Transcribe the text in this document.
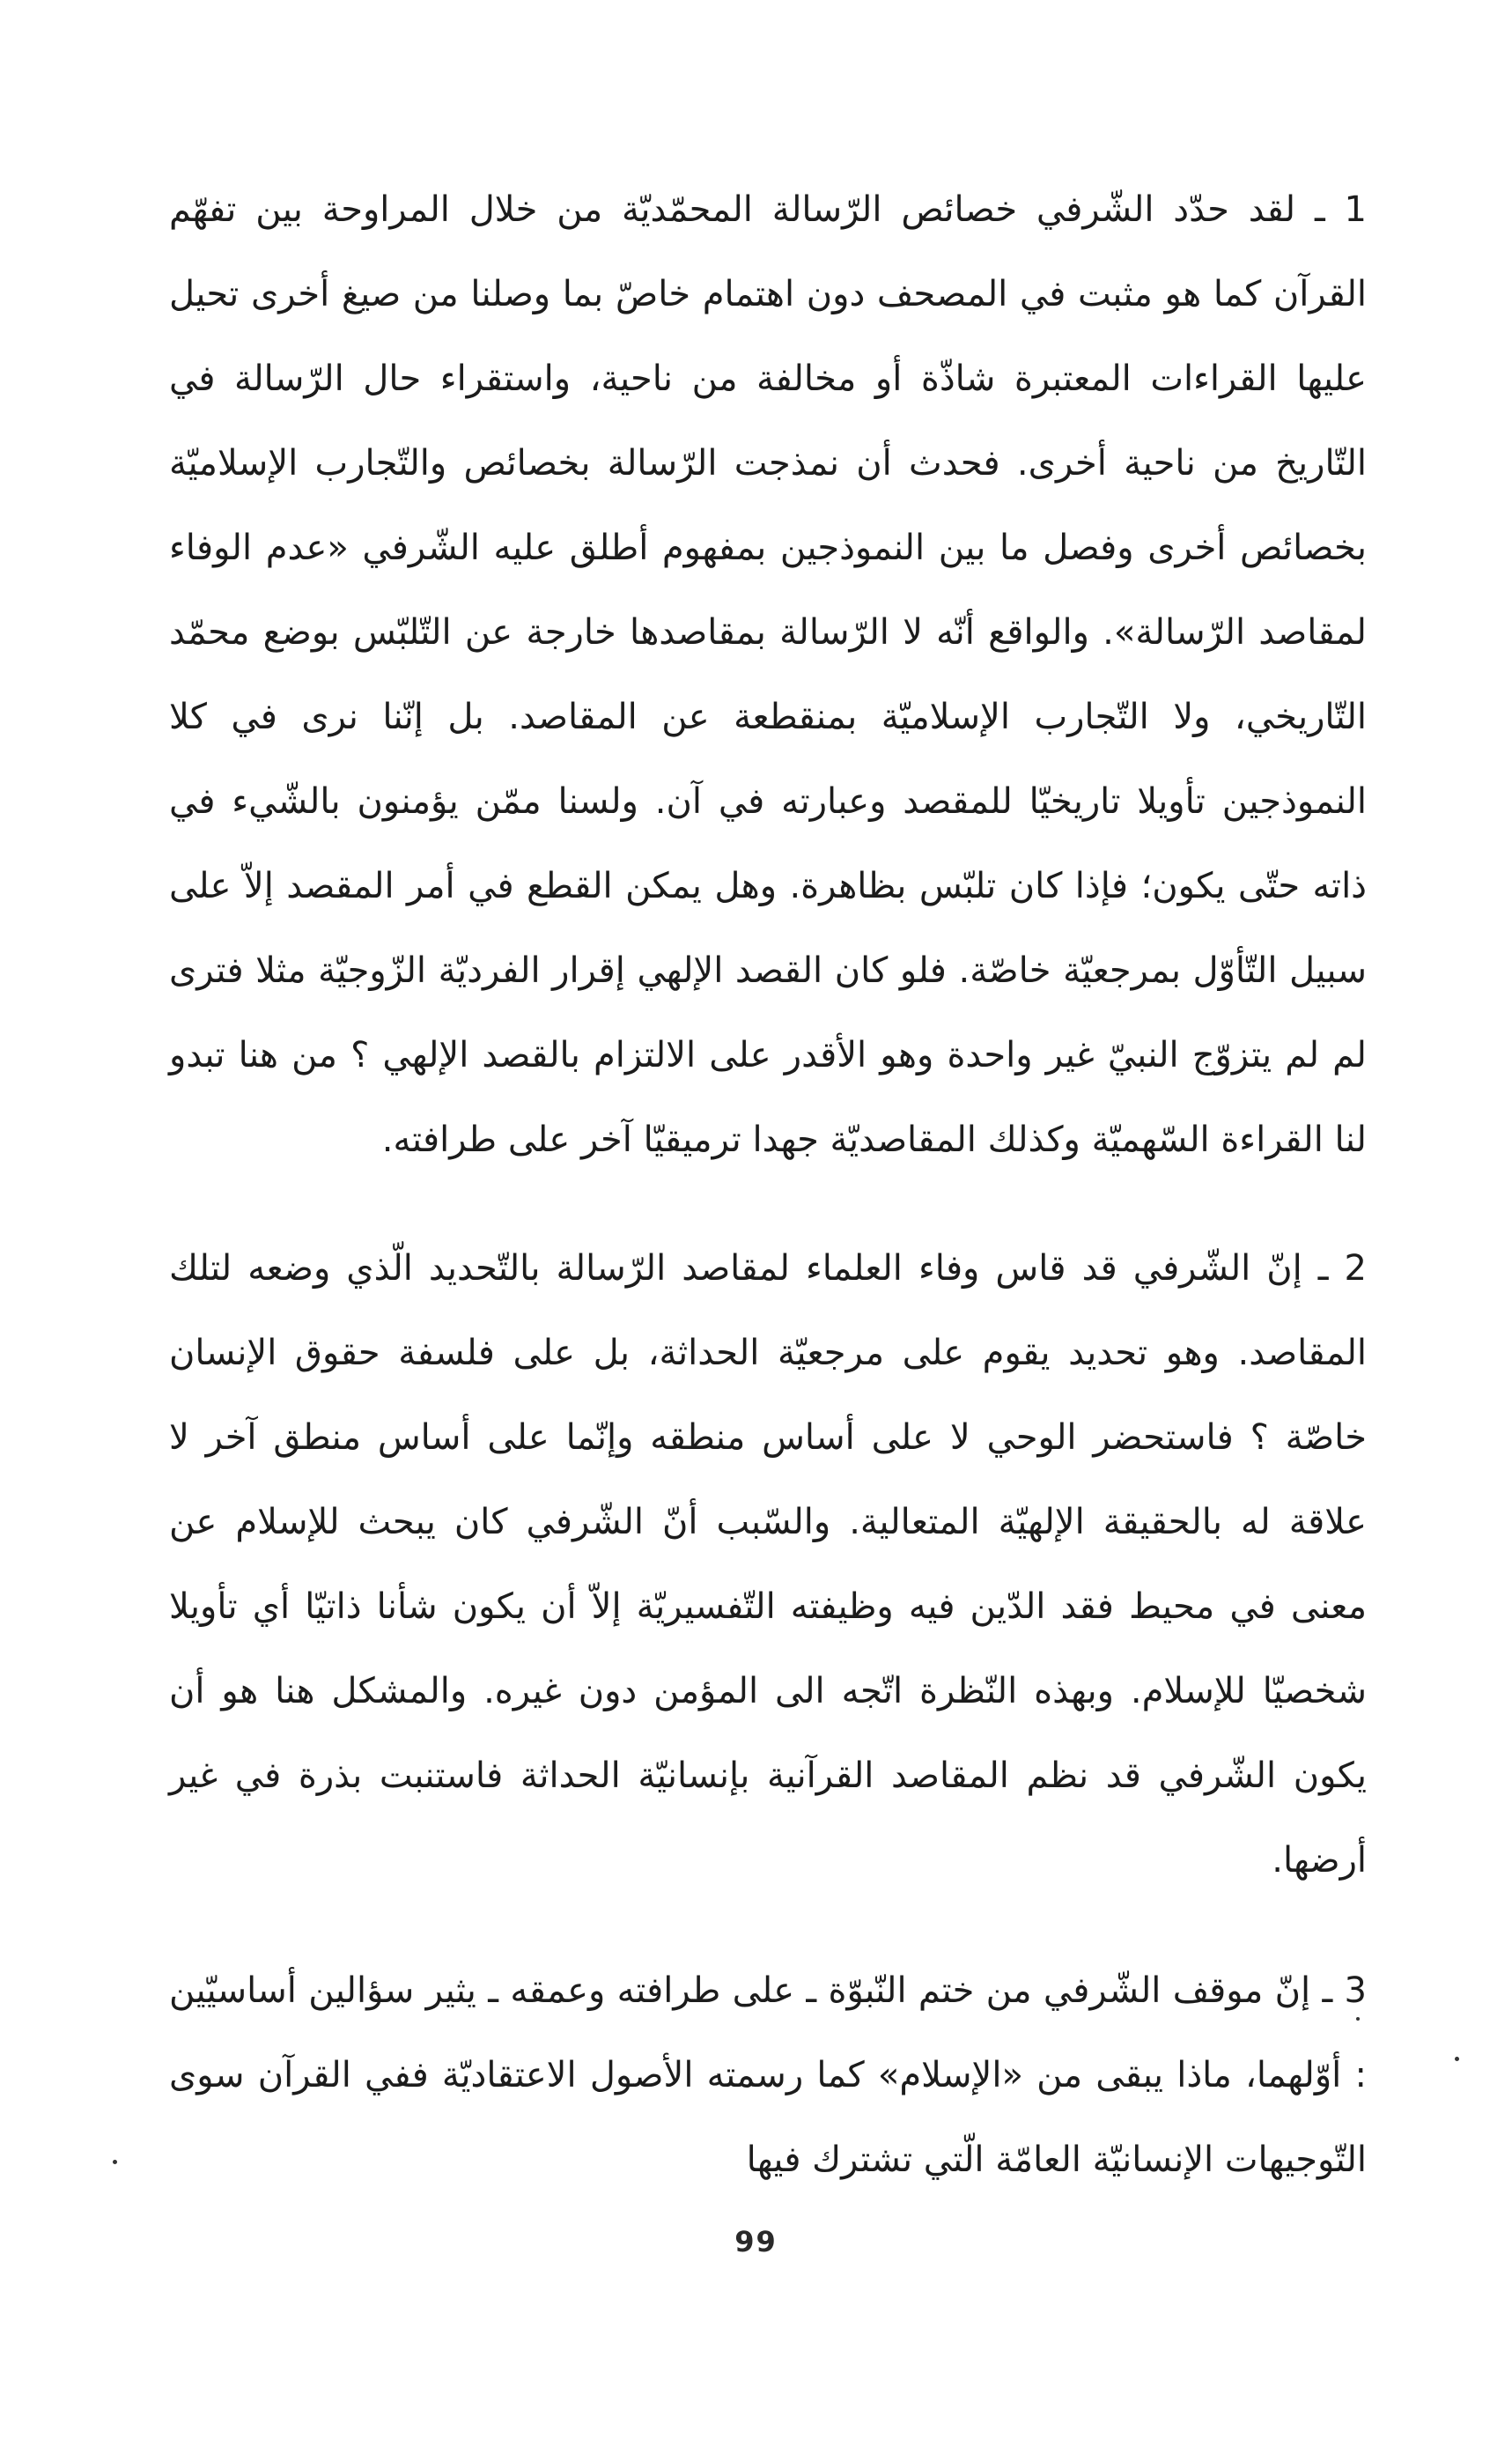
1 ـ لقد حدّد الشّرفي خصائص الرّسالة المحمّديّة من خلال المراوحة بين تفهّم القرآن كما هو مثبت في المصحف دون اهتمام خاصّ بما وصلنا من صيغ أخرى تحيل عليها القراءات المعتبرة شاذّة أو مخالفة من ناحية، واستقراء حال الرّسالة في التّاريخ من ناحية أخرى. فحدث أن نمذجت الرّسالة بخصائص والتّجارب الإسلاميّة بخصائص أخرى وفصل ما بين النموذجين بمفهوم أطلق عليه الشّرفي «عدم الوفاء لمقاصد الرّسالة». والواقع أنّه لا الرّسالة بمقاصدها خارجة عن التّلبّس بوضع محمّد التّاريخي، ولا التّجارب الإسلاميّة بمنقطعة عن المقاصد. بل إنّنا نرى في كلا النموذجين تأويلا تاريخيّا للمقصد وعبارته في آن. ولسنا ممّن يؤمنون بالشّيء في ذاته حتّى يكون؛ فإذا كان تلبّس بظاهرة. وهل يمكن القطع في أمر المقصد إلاّ على سبيل التّأوّل بمرجعيّة خاصّة. فلو كان القصد الإلهي إقرار الفرديّة الزّوجيّة مثلا فترى لم لم يتزوّج النبيّ غير واحدة وهو الأقدر على الالتزام بالقصد الإلهي ؟ من هنا تبدو لنا القراءة السّهميّة وكذلك المقاصديّة جهدا ترميقيّا آخر على طرافته.

2 ـ إنّ الشّرفي قد قاس وفاء العلماء لمقاصد الرّسالة بالتّحديد الّذي وضعه لتلك المقاصد. وهو تحديد يقوم على مرجعيّة الحداثة، بل على فلسفة حقوق الإنسان خاصّة ؟ فاستحضر الوحي لا على أساس منطقه وإنّما على أساس منطق آخر لا علاقة له بالحقيقة الإلهيّة المتعالية. والسّبب أنّ الشّرفي كان يبحث للإسلام عن معنى في محيط فقد الدّين فيه وظيفته التّفسيريّة إلاّ أن يكون شأنا ذاتيّا أي تأويلا شخصيّا للإسلام. وبهذه النّظرة اتّجه الى المؤمن دون غيره. والمشكل هنا هو أن يكون الشّرفي قد نظم المقاصد القرآنية بإنسانيّة الحداثة فاستنبت بذرة في غير أرضها.

3 ـ إنّ موقف الشّرفي من ختم النّبوّة ـ على طرافته وعمقه ـ يثير سؤالين أساسيّين : أوّلهما، ماذا يبقى من «الإسلام» كما رسمته الأصول الاعتقاديّة ففي القرآن سوى التّوجيهات الإنسانيّة العامّة الّتي تشترك فيها

99
